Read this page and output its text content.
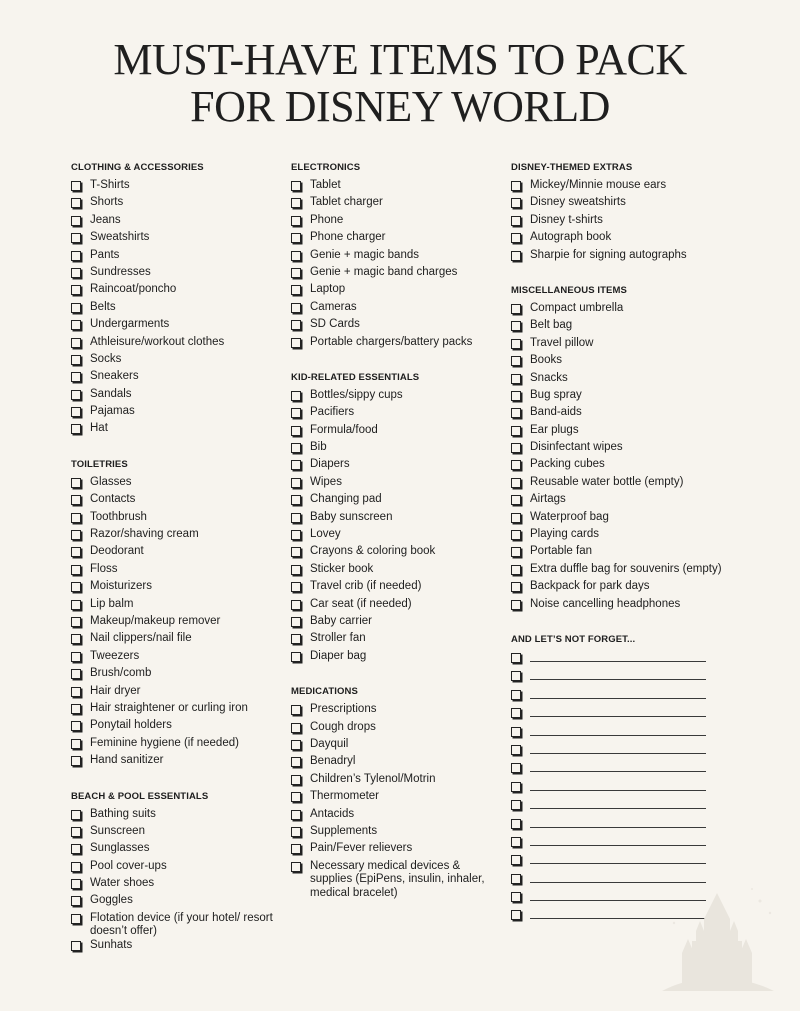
MUST-HAVE ITEMS TO PACK
FOR DISNEY WORLD
CLOTHING & ACCESSORIES
T-Shirts
Shorts
Jeans
Sweatshirts
Pants
Sundresses
Raincoat/poncho
Belts
Undergarments
Athleisure/workout clothes
Socks
Sneakers
Sandals
Pajamas
Hat
TOILETRIES
Glasses
Contacts
Toothbrush
Razor/shaving cream
Deodorant
Floss
Moisturizers
Lip balm
Makeup/makeup remover
Nail clippers/nail file
Tweezers
Brush/comb
Hair dryer
Hair straightener or curling iron
Ponytail holders
Feminine hygiene (if needed)
Hand sanitizer
BEACH & POOL ESSENTIALS
Bathing suits
Sunscreen
Sunglasses
Pool cover-ups
Water shoes
Goggles
Flotation device (if your hotel/ resort doesn’t offer)
Sunhats
ELECTRONICS
Tablet
Tablet charger
Phone
Phone charger
Genie + magic bands
Genie + magic band charges
Laptop
Cameras
SD Cards
Portable chargers/battery packs
KID-RELATED ESSENTIALS
Bottles/sippy cups
Pacifiers
Formula/food
Bib
Diapers
Wipes
Changing pad
Baby sunscreen
Lovey
Crayons & coloring book
Sticker book
Travel crib (if needed)
Car seat (if needed)
Baby carrier
Stroller fan
Diaper bag
MEDICATIONS
Prescriptions
Cough drops
Dayquil
Benadryl
Children’s Tylenol/Motrin
Thermometer
Antacids
Supplements
Pain/Fever relievers
Necessary medical devices & supplies (EpiPens, insulin, inhaler, medical bracelet)
DISNEY-THEMED EXTRAS
Mickey/Minnie mouse ears
Disney sweatshirts
Disney t-shirts
Autograph book
Sharpie for signing autographs
MISCELLANEOUS ITEMS
Compact umbrella
Belt bag
Travel pillow
Books
Snacks
Bug spray
Band-aids
Ear plugs
Disinfectant wipes
Packing cubes
Reusable water bottle (empty)
Airtags
Waterproof bag
Playing cards
Portable fan
Extra duffle bag for souvenirs (empty)
Backpack for park days
Noise cancelling headphones
AND LET’S NOT FORGET...
